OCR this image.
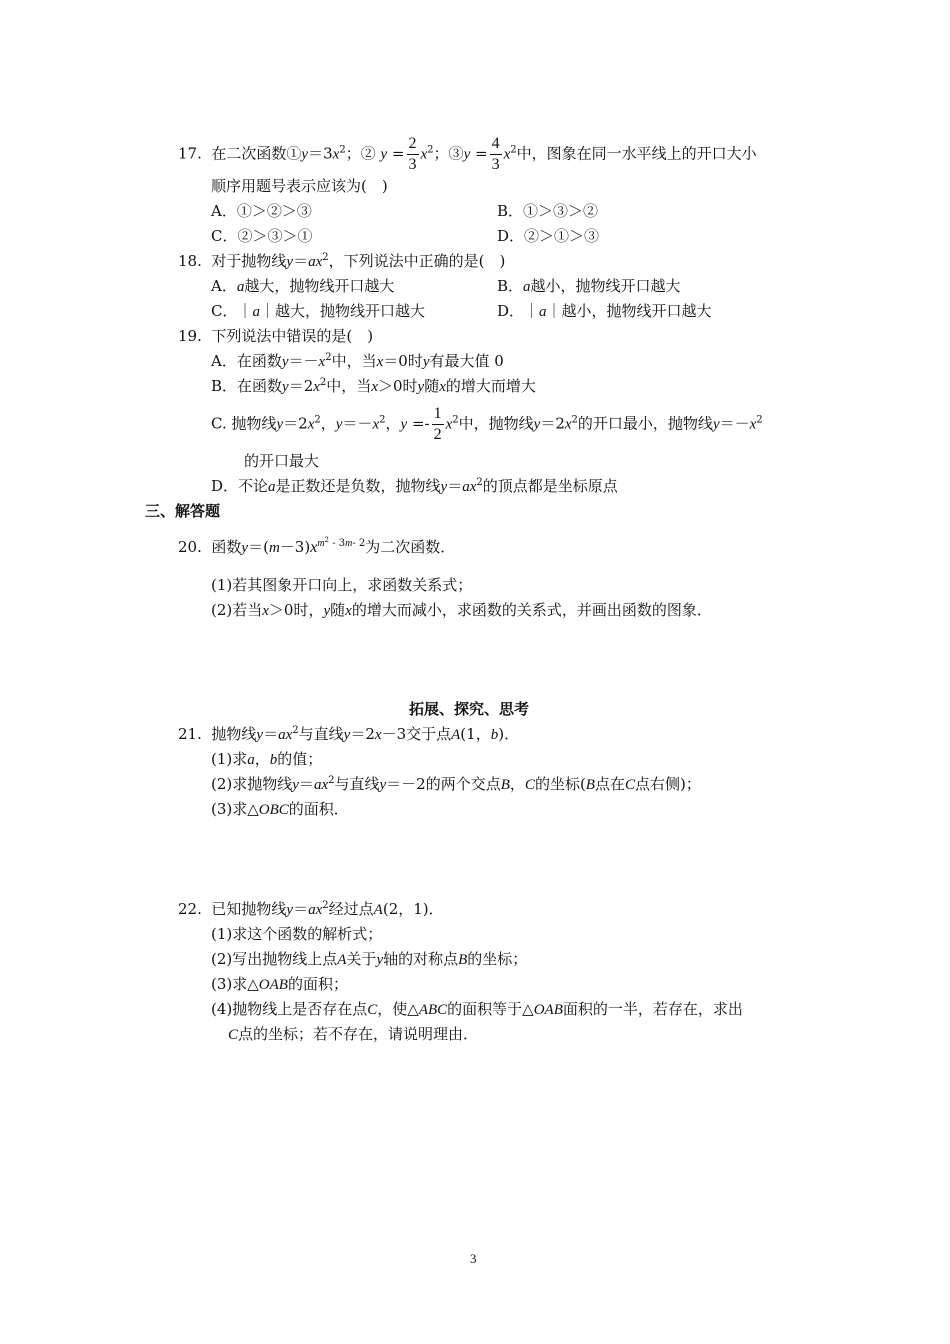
17. 在二次函数$①y=3x^2$；② $y = \frac{2}{3} x^2$；③y = $\frac{4}{3} x^2$中，图象在同一水平线上的开口大小
顺序用题号表示应该为(　)
A．①＞②＞③	B．①＞③＞②
C．②＞③＞①	D．②＞①＞③
18. 对于抛物线$y=ax^2$，下列说法中正确的是(　)
A．a越大，抛物线开口越大	B．a越小，抛物线开口越大
C．｜a｜越大，抛物线开口越大	D．｜a｜越小，抛物线开口越大
19. 下列说法中错误的是(　)
A．在函数$y=-x^2$中，当x＝0时y有最大值 0
B．在函数$y=2x^2$中，当x＞0时y随x的增大而增大
C. 抛物线$y=2x^2$，$y=-x^2$，$y =- \frac{1}{2} x^2$中，抛物线$y=2x^2$的开口最小，抛物线$y=-x^2$
的开口最大
D．不论a是正数还是负数，抛物线$y=ax^2$的顶点都是坐标原点
三、解答题
20. 函数$y=(m-3)x^{m^2 - 3m- 2}$为二次函数．
(1)若其图象开口向上，求函数关系式；
(2)若当x＞0时，y随x的增大而减小，求函数的关系式，并画出函数的图象．
拓展、探究、思考
21. 抛物线$y=ax^2$与直线y＝2x－3交于点A(1，b)．
(1)求a，b的值；
(2)求抛物线$y=ax^2$与直线y＝－2的两个交点B，C的坐标(B点在C点右侧)；
(3)求△OBC的面积．
22. 已知抛物线$y=ax^2$经过点A(2，1)．
(1)求这个函数的解析式；
(2)写出抛物线上点A关于y轴的对称点B的坐标；
(3)求△OAB的面积；
(4)抛物线上是否存在点C，使△ABC的面积等于△OAB面积的一半，若存在，求出
C点的坐标；若不存在，请说明理由．
3
